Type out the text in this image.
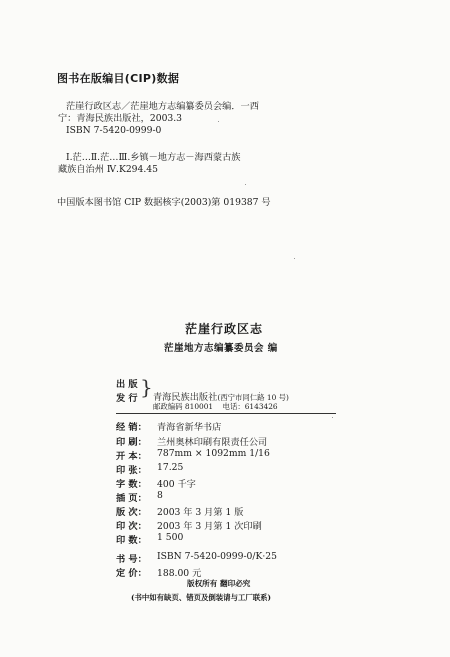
图书在版编目(CIP)数据
茫崖行政区志／茫崖地方志编纂委员会编．一西
宁：青海民族出版社，2003.3
ISBN 7-5420-0999-0
Ⅰ.茫…Ⅱ.茫…Ⅲ.乡镇－地方志－海西蒙古族
藏族自治州 Ⅳ.K294.45
中国版本图书馆 CIP 数据核字(2003)第 019387 号
茫崖行政区志
茫崖地方志编纂委员会 编
出 版
发 行 } 青海民族出版社(西宁市同仁路 10 号)
邮政编码 810001 电话：6143426
经 销： 青海省新华书店
印 刷： 兰州奥林印刷有限责任公司
开 本： 787mm × 1092mm 1/16
印 张： 17.25
字 数： 400 千字
插 页： 8
版 次： 2003 年 3 月第 1 版
印 次： 2003 年 3 月第 1 次印刷
印 数： 1 500
书 号： ISBN 7-5420-0999-0/K·25
定 价： 188.00 元
版权所有 翻印必究
(书中如有缺页、错页及倒装请与工厂联系)
